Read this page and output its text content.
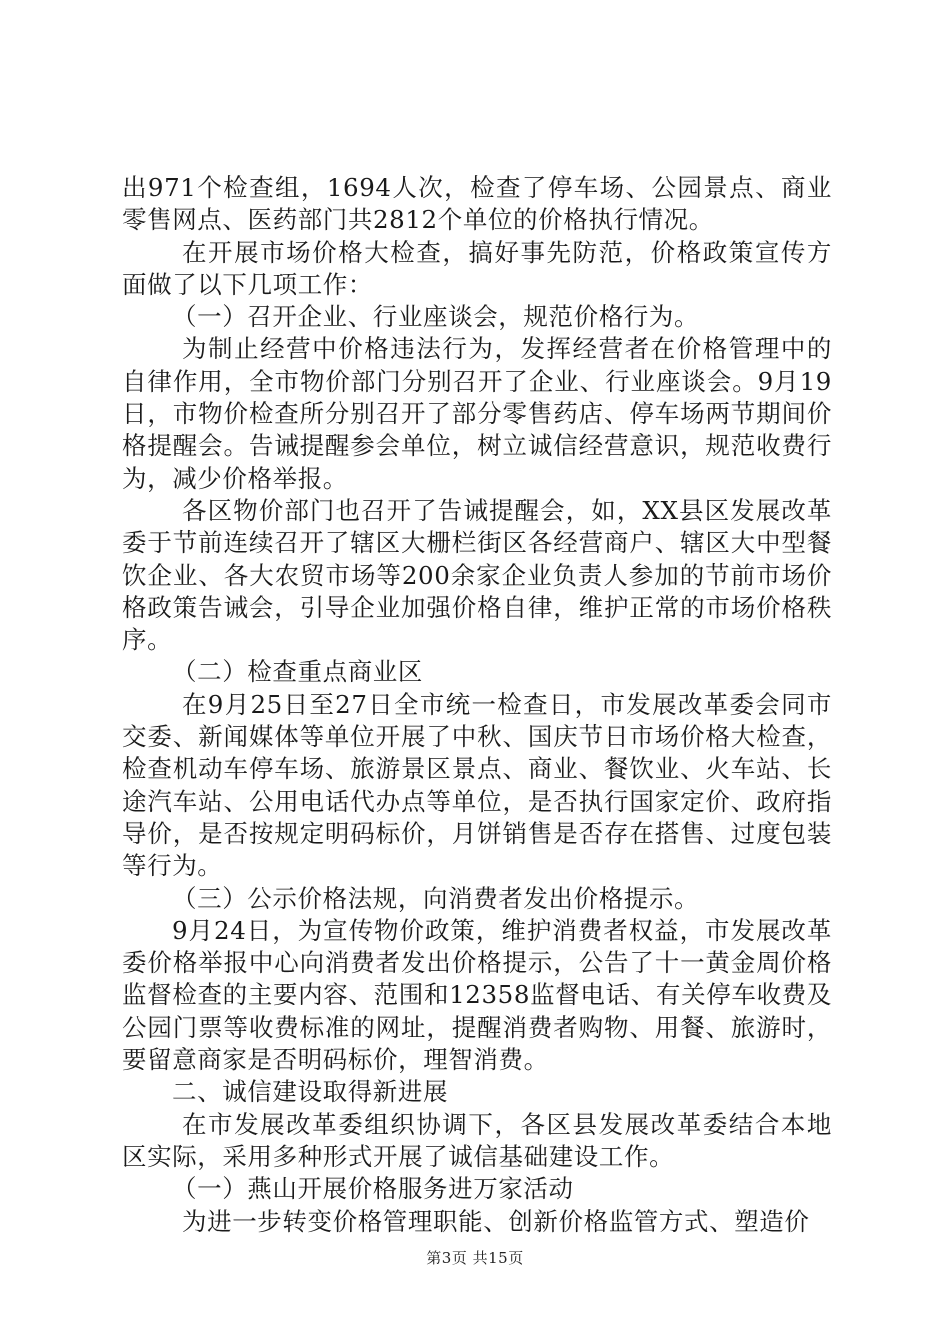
出971个检查组，1694人次，检查了停车场、公园景点、商业零售网点、医药部门共2812个单位的价格执行情况。

在开展市场价格大检查，搞好事先防范，价格政策宣传方面做了以下几项工作：

（一）召开企业、行业座谈会，规范价格行为。

为制止经营中价格违法行为，发挥经营者在价格管理中的自律作用，全市物价部门分别召开了企业、行业座谈会。9月19日，市物价检查所分别召开了部分零售药店、停车场两节期间价格提醒会。告诫提醒参会单位，树立诚信经营意识，规范收费行为，减少价格举报。

各区物价部门也召开了告诫提醒会，如，XX县区发展改革委于节前连续召开了辖区大栅栏街区各经营商户、辖区大中型餐饮企业、各大农贸市场等200余家企业负责人参加的节前市场价格政策告诫会，引导企业加强价格自律，维护正常的市场价格秩序。

（二）检查重点商业区

在9月25日至27日全市统一检查日，市发展改革委会同市交委、新闻媒体等单位开展了中秋、国庆节日市场价格大检查，检查机动车停车场、旅游景区景点、商业、餐饮业、火车站、长途汽车站、公用电话代办点等单位，是否执行国家定价、政府指导价，是否按规定明码标价，月饼销售是否存在搭售、过度包装等行为。

（三）公示价格法规，向消费者发出价格提示。

9月24日，为宣传物价政策，维护消费者权益，市发展改革委价格举报中心向消费者发出价格提示，公告了十一黄金周价格监督检查的主要内容、范围和12358监督电话、有关停车收费及公园门票等收费标准的网址，提醒消费者购物、用餐、旅游时，要留意商家是否明码标价，理智消费。

二、诚信建设取得新进展

在市发展改革委组织协调下，各区县发展改革委结合本地区实际，采用多种形式开展了诚信基础建设工作。

（一）燕山开展价格服务进万家活动

为进一步转变价格管理职能、创新价格监管方式、塑造价

第3页 共15页
